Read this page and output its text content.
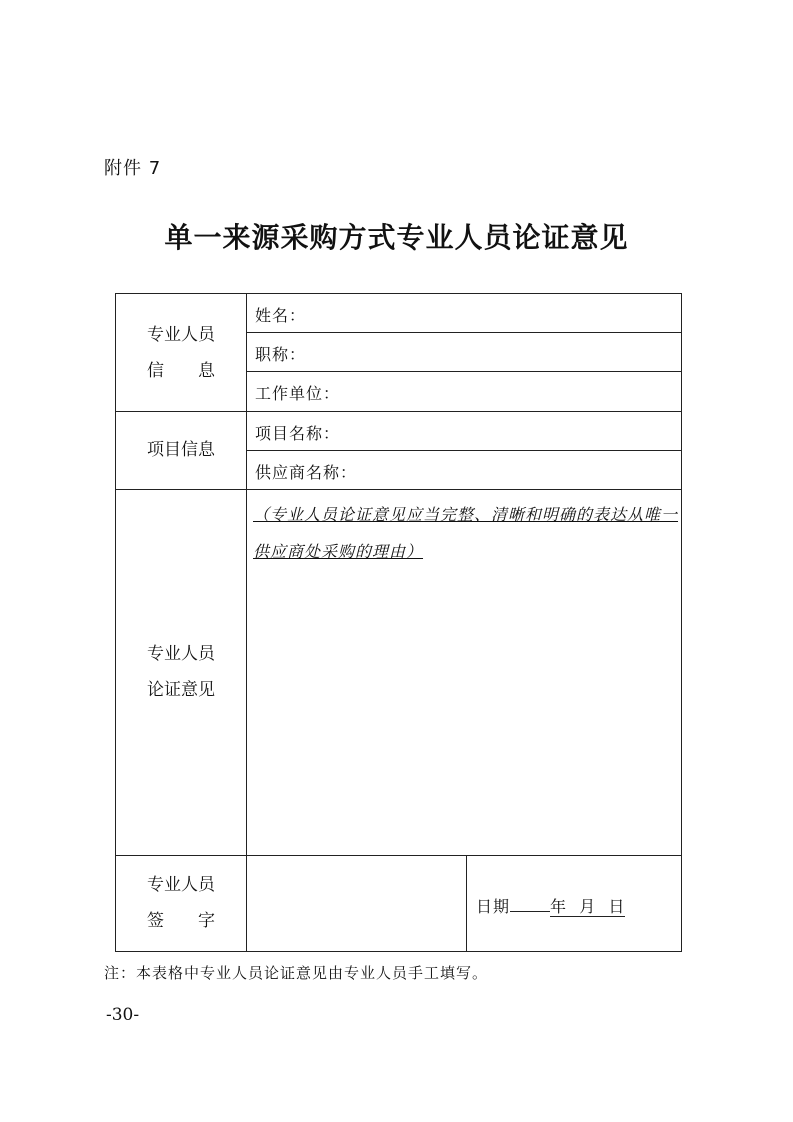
附件 7
单一来源采购方式专业人员论证意见
专业人员
信 息
姓名：
职称：
工作单位：
项目信息
项目名称：
供应商名称：
专业人员
论证意见
（专业人员论证意见应当完整、清晰和明确的表达从唯一供应商处采购的理由）
专业人员
签 字
日期	年 月 日
注：本表格中专业人员论证意见由专业人员手工填写。
-30-
